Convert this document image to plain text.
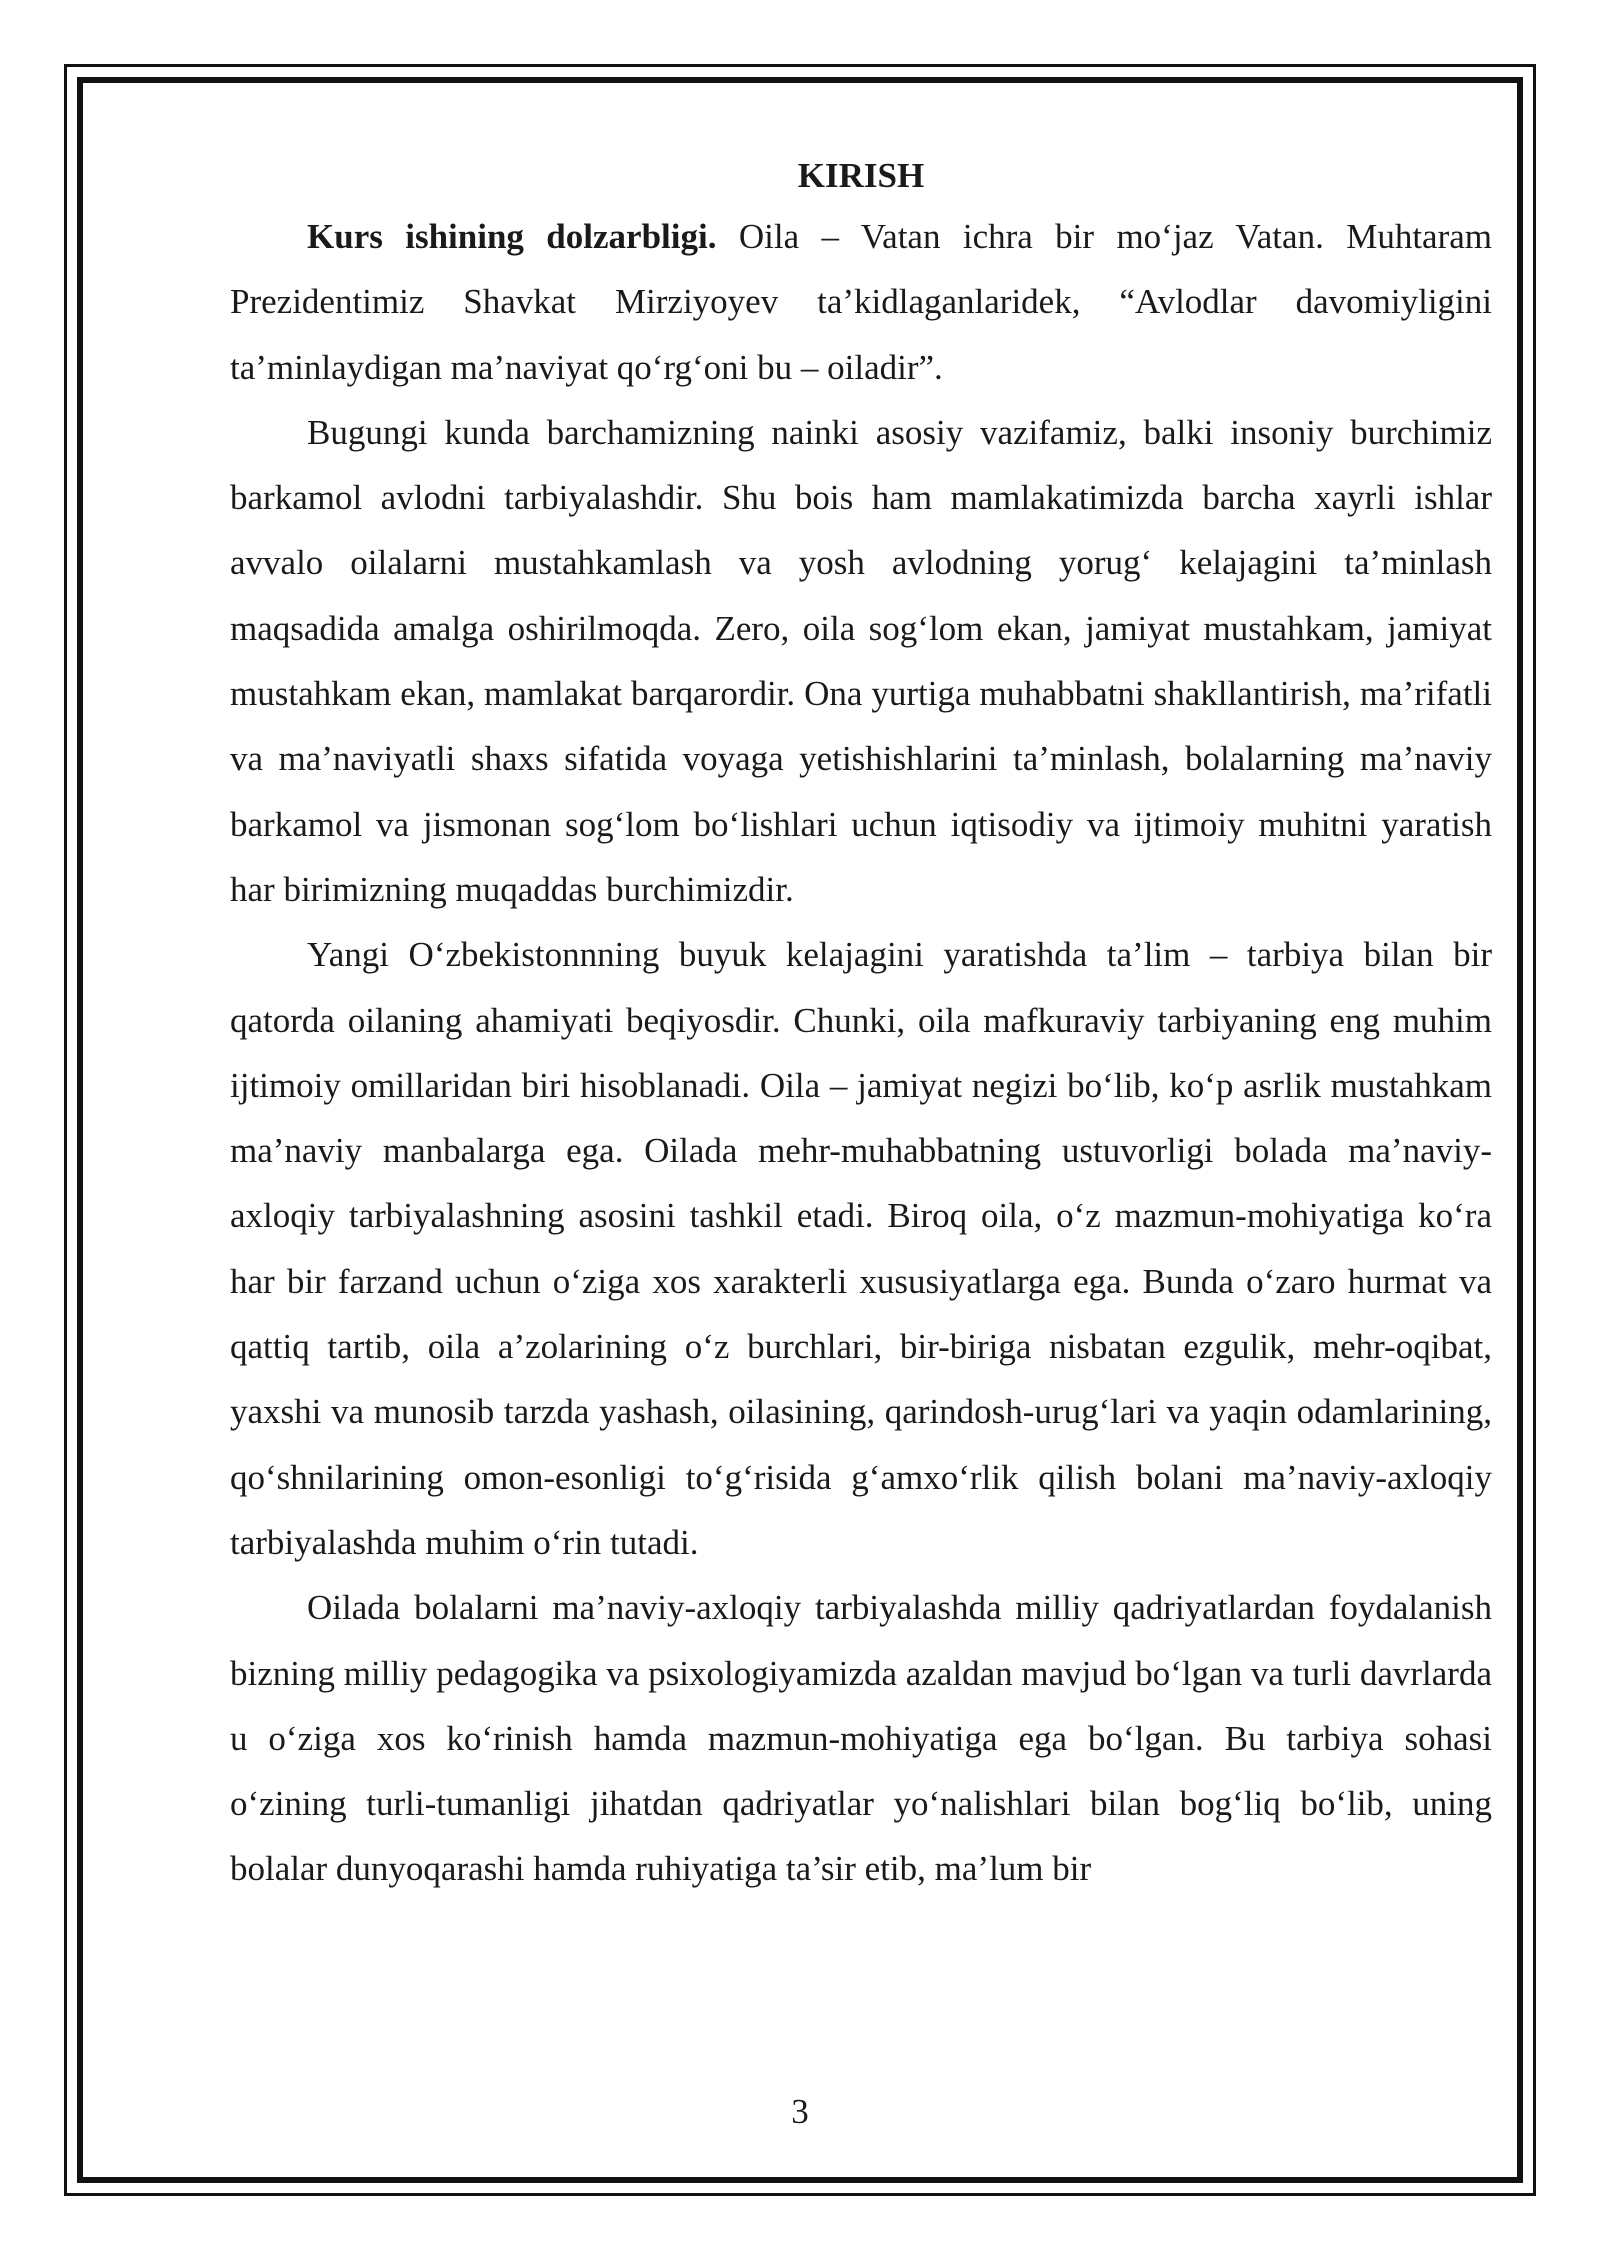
KIRISH

Kurs ishining dolzarbligi. Oila – Vatan ichra bir mo‘jaz Vatan. Muhtaram Prezidentimiz Shavkat Mirziyoyev ta’kidlaganlaridek, “Avlodlar davomiyligini ta’minlaydigan ma’naviyat qo‘rg‘oni bu – oiladir”.

Bugungi kunda barchamizning nainki asosiy vazifamiz, balki insoniy burchimiz barkamol avlodni tarbiyalashdir. Shu bois ham mamlakatimizda barcha xayrli ishlar avvalo oilalarni mustahkamlash va yosh avlodning yorug‘ kelajagini ta’minlash maqsadida amalga oshirilmoqda. Zero, oila sog‘lom ekan, jamiyat mustahkam, jamiyat mustahkam ekan, mamlakat barqarordir. Ona yurtiga muhabbatni shakllantirish, ma’rifatli va ma’naviyatli shaxs sifatida voyaga yetishishlarini ta’minlash, bolalarning ma’naviy barkamol va jismonan sog‘lom bo‘lishlari uchun iqtisodiy va ijtimoiy muhitni yaratish har birimizning muqaddas burchimizdir.

Yangi O‘zbekistonnning buyuk kelajagini yaratishda ta’lim – tarbiya bilan bir qatorda oilaning ahamiyati beqiyosdir. Chunki, oila mafkuraviy tarbiyaning eng muhim ijtimoiy omillaridan biri hisoblanadi. Oila – jamiyat negizi bo‘lib, ko‘p asrlik mustahkam ma’naviy manbalarga ega. Oilada mehr-muhabbatning ustuvorligi bolada ma’naviy-axloqiy tarbiyalashning asosini tashkil etadi. Biroq oila, o‘z mazmun-mohiyatiga ko‘ra har bir farzand uchun o‘ziga xos xarakterli xususiyatlarga ega. Bunda o‘zaro hurmat va qattiq tartib, oila a’zolarining o‘z burchlari, bir-biriga nisbatan ezgulik, mehr-oqibat, yaxshi va munosib tarzda yashash, oilasining, qarindosh-urug‘lari va yaqin odamlarining, qo‘shnilarining omon-esonligi to‘g‘risida g‘amxo‘rlik qilish bolani ma’naviy-axloqiy tarbiyalashda muhim o‘rin tutadi.

Oilada bolalarni ma’naviy-axloqiy tarbiyalashda milliy qadriyatlardan foydalanish bizning milliy pedagogika va psixologiyamizda azaldan mavjud bo‘lgan va turli davrlarda u o‘ziga xos ko‘rinish hamda mazmun-mohiyatiga ega bo‘lgan. Bu tarbiya sohasi o‘zining turli-tumanligi jihatdan qadriyatlar yo‘nalishlari bilan bog‘liq bo‘lib, uning bolalar dunyoqarashi hamda ruhiyatiga ta’sir etib, ma’lum bir

3
